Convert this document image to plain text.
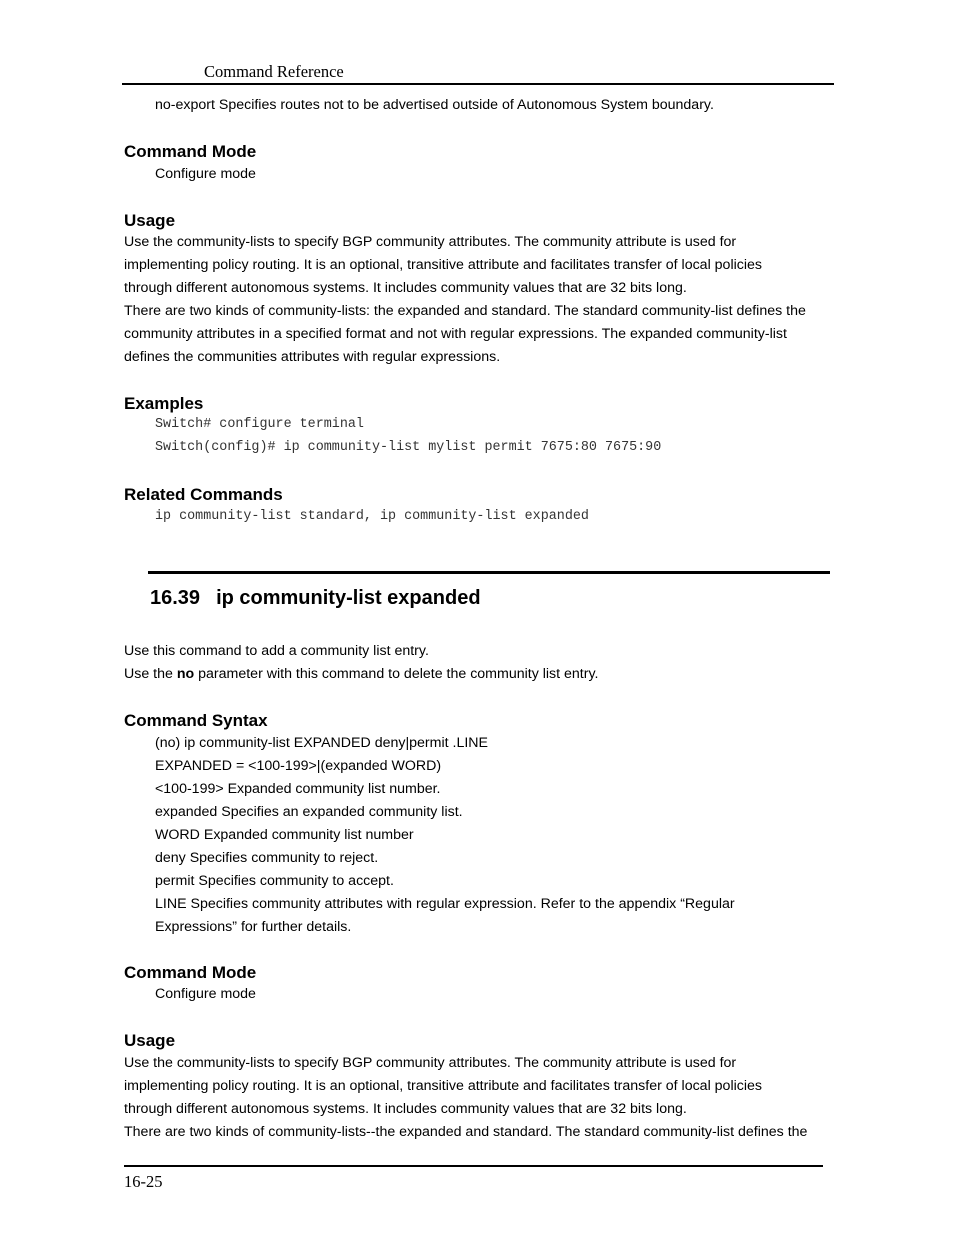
Command Reference
no-export Specifies routes not to be advertised outside of Autonomous System boundary.
Command Mode
Configure mode
Usage
Use the community-lists to specify BGP community attributes. The community attribute is used for
implementing policy routing. It is an optional, transitive attribute and facilitates transfer of local policies
through different autonomous systems. It includes community values that are 32 bits long.
There are two kinds of community-lists: the expanded and standard. The standard community-list defines the
community attributes in a specified format and not with regular expressions. The expanded community-list
defines the communities attributes with regular expressions.
Examples
Switch# configure terminal
Switch(config)# ip community-list mylist permit 7675:80 7675:90
Related Commands
ip community-list standard, ip community-list expanded
16.39 ip community-list expanded
Use this command to add a community list entry.
Use the no parameter with this command to delete the community list entry.
Command Syntax
(no) ip community-list EXPANDED deny|permit .LINE
EXPANDED = <100-199>|(expanded WORD)
<100-199> Expanded community list number.
expanded Specifies an expanded community list.
WORD Expanded community list number
deny Specifies community to reject.
permit Specifies community to accept.
LINE Specifies community attributes with regular expression. Refer to the appendix “Regular
Expressions” for further details.
Command Mode
Configure mode
Usage
Use the community-lists to specify BGP community attributes. The community attribute is used for
implementing policy routing. It is an optional, transitive attribute and facilitates transfer of local policies
through different autonomous systems. It includes community values that are 32 bits long.
There are two kinds of community-lists--the expanded and standard. The standard community-list defines the
16-25
